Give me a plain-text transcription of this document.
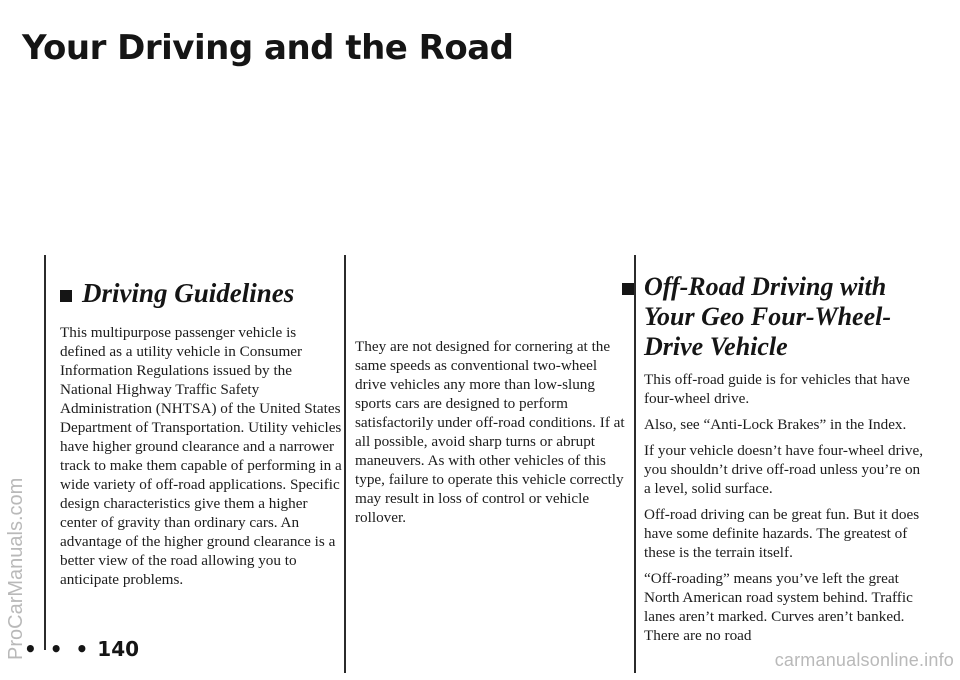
Your Driving and the Road
ProCarManuals.com
Driving Guidelines

This multipurpose passenger vehicle is defined as a utility vehicle in Consumer Information Regulations issued by the National Highway Traffic Safety Administration (NHTSA) of the United States Department of Transportation. Utility vehicles have higher ground clearance and a narrower track to make them capable of performing in a wide variety of off-road applications. Specific design characteristics give them a higher center of gravity than ordinary cars. An advantage of the higher ground clearance is a better view of the road allowing you to anticipate problems.

They are not designed for cornering at the same speeds as conventional two-wheel drive vehicles any more than low-slung sports cars are designed to perform satisfactorily under off-road conditions. If at all possible, avoid sharp turns or abrupt maneuvers. As with other vehicles of this type, failure to operate this vehicle correctly may result in loss of control or vehicle rollover.

Off-Road Driving with
Your Geo Four-Wheel-
Drive Vehicle

This off-road guide is for vehicles that have four-wheel drive.

Also, see “Anti-Lock Brakes” in the Index.

If your vehicle doesn’t have four-wheel drive, you shouldn’t drive off-road unless you’re on a level, solid surface.

Off-road driving can be great fun. But it does have some definite hazards. The greatest of these is the terrain itself.

“Off-roading” means you’ve left the great North American road system behind. Traffic lanes aren’t marked. Curves aren’t banked. There are no road

• • • 140	carmanualsonline.info
